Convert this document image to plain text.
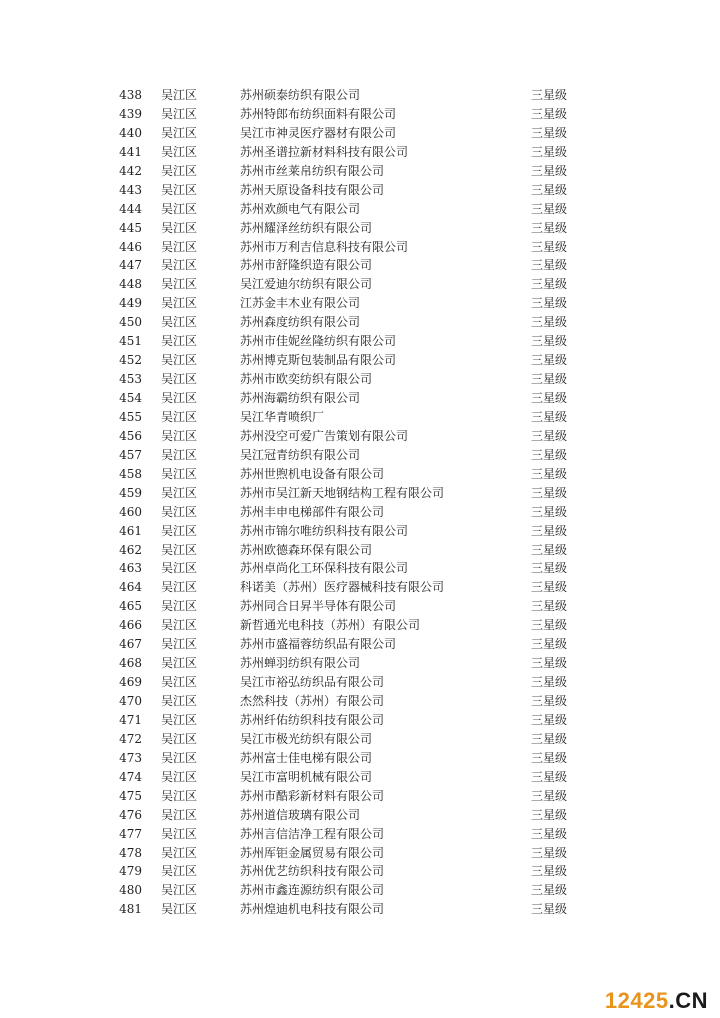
438 吴江区	苏州硕泰纺织有限公司	三星级
439 吴江区	苏州特郎布纺织面料有限公司	三星级
440 吴江区	吴江市神灵医疗器材有限公司	三星级
441 吴江区	苏州圣谱拉新材料科技有限公司	三星级
442 吴江区	苏州市丝莱帛纺织有限公司	三星级
443 吴江区	苏州天原设备科技有限公司	三星级
444 吴江区	苏州欢颜电气有限公司	三星级
445 吴江区	苏州耀泽丝纺织有限公司	三星级
446 吴江区	苏州市万利吉信息科技有限公司	三星级
447 吴江区	苏州市舒隆织造有限公司	三星级
448 吴江区	吴江爱迪尔纺织有限公司	三星级
449 吴江区	江苏金丰木业有限公司	三星级
450 吴江区	苏州森度纺织有限公司	三星级
451 吴江区	苏州市佳妮丝隆纺织有限公司	三星级
452 吴江区	苏州博克斯包装制品有限公司	三星级
453 吴江区	苏州市欧奕纺织有限公司	三星级
454 吴江区	苏州海霸纺织有限公司	三星级
455 吴江区	吴江华青喷织厂	三星级
456 吴江区	苏州没空可爱广告策划有限公司	三星级
457 吴江区	吴江冠青纺织有限公司	三星级
458 吴江区	苏州世煦机电设备有限公司	三星级
459 吴江区	苏州市吴江新天地钢结构工程有限公司	三星级
460 吴江区	苏州丰申电梯部件有限公司	三星级
461 吴江区	苏州市锦尔唯纺织科技有限公司	三星级
462 吴江区	苏州欧德森环保有限公司	三星级
463 吴江区	苏州卓尚化工环保科技有限公司	三星级
464 吴江区	科诺美（苏州）医疗器械科技有限公司	三星级
465 吴江区	苏州同合日昇半导体有限公司	三星级
466 吴江区	新哲通光电科技（苏州）有限公司	三星级
467 吴江区	苏州市盛福蓉纺织品有限公司	三星级
468 吴江区	苏州蝉羽纺织有限公司	三星级
469 吴江区	吴江市裕弘纺织品有限公司	三星级
470 吴江区	杰然科技（苏州）有限公司	三星级
471 吴江区	苏州纤佑纺织科技有限公司	三星级
472 吴江区	吴江市极光纺织有限公司	三星级
473 吴江区	苏州富士佳电梯有限公司	三星级
474 吴江区	吴江市富明机械有限公司	三星级
475 吴江区	苏州市酷彩新材料有限公司	三星级
476 吴江区	苏州道信玻璃有限公司	三星级
477 吴江区	苏州言信洁净工程有限公司	三星级
478 吴江区	苏州厍钜金属贸易有限公司	三星级
479 吴江区	苏州优艺纺织科技有限公司	三星级
480 吴江区	苏州市鑫连源纺织有限公司	三星级
481 吴江区	苏州煌迪机电科技有限公司	三星级
12425.CN
